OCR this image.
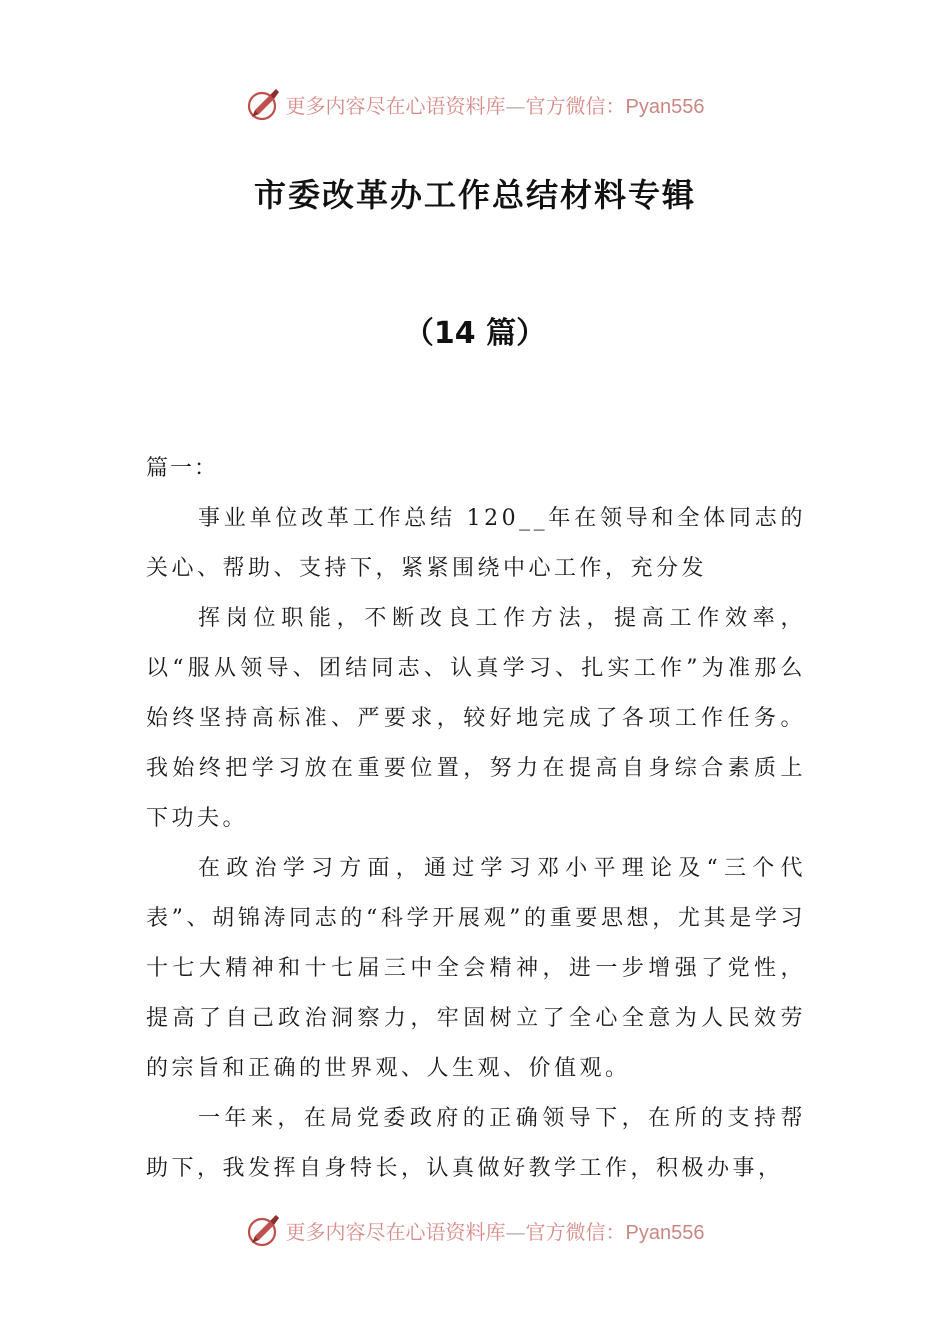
更多内容尽在心语资料库—官方微信：Pyan556
市委改革办工作总结材料专辑
（14 篇）

篇一：

事业单位改革工作总结 120__年在领导和全体同志的关心、帮助、支持下，紧紧围绕中心工作，充分发

挥岗位职能，不断改良工作方法，提高工作效率，以“服从领导、团结同志、认真学习、扎实工作”为准那么始终坚持高标准、严要求，较好地完成了各项工作任务。我始终把学习放在重要位置，努力在提高自身综合素质上下功夫。

在政治学习方面，通过学习邓小平理论及“三个代表”、胡锦涛同志的“科学开展观”的重要思想，尤其是学习十七大精神和十七届三中全会精神，进一步增强了党性，提高了自己政治洞察力，牢固树立了全心全意为人民效劳的宗旨和正确的世界观、人生观、价值观。

一年来，在局党委政府的正确领导下，在所的支持帮助下，我发挥自身特长，认真做好教学工作，积极办事，

更多内容尽在心语资料库—官方微信：Pyan556
